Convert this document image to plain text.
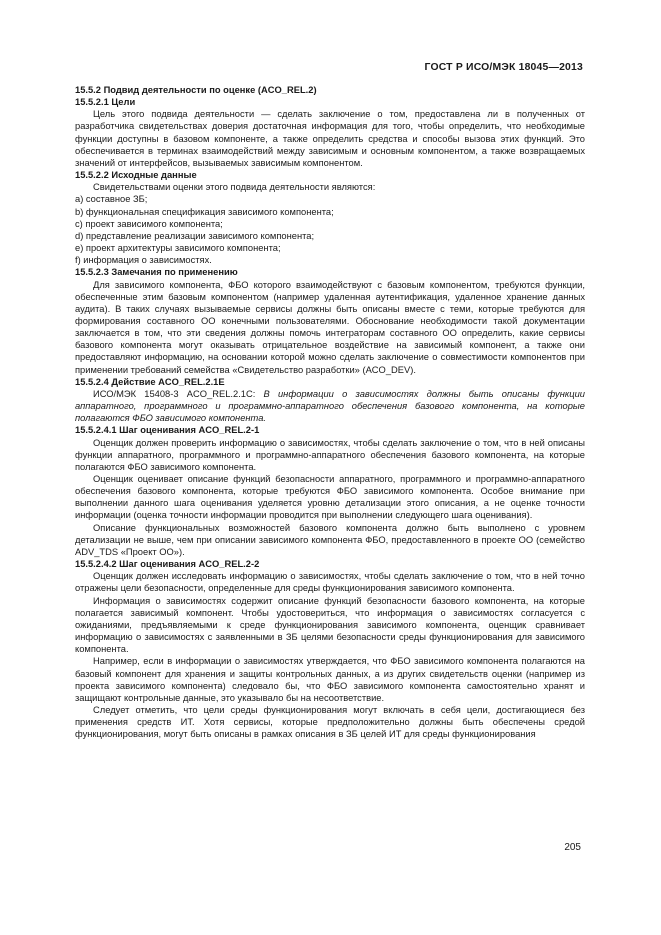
ГОСТ Р ИСО/МЭК 18045—2013

15.5.2 Подвид деятельности по оценке (ACO_REL.2)

15.5.2.1 Цели

Цель этого подвида деятельности — сделать заключение о том, предоставлена ли в полученных от разработчика свидетельствах доверия достаточная информация для того, чтобы определить, что необходимые функции доступны в базовом компоненте, а также определить средства и способы вызова этих функций. Это обеспечивается в терминах взаимодействий между зависимым и основным компонентом, а также возвращаемых значений от интерфейсов, вызываемых зависимым компонентом.

15.5.2.2 Исходные данные

Свидетельствами оценки этого подвида деятельности являются:

a) составное ЗБ;

b) функциональная спецификация зависимого компонента;

c) проект зависимого компонента;

d) представление реализации зависимого компонента;

e) проект архитектуры зависимого компонента;

f) информация о зависимостях.

15.5.2.3 Замечания по применению

Для зависимого компонента, ФБО которого взаимодействуют с базовым компонентом, требуются функции, обеспеченные этим базовым компонентом (например удаленная аутентификация, удаленное хранение данных аудита). В таких случаях вызываемые сервисы должны быть описаны вместе с теми, которые требуются для формирования составного ОО конечными пользователями. Обоснование необходимости такой документации заключается в том, что эти сведения должны помочь интеграторам составного ОО определить, какие сервисы базового компонента могут оказывать отрицательное воздействие на зависимый компонент, а также они предоставляют информацию, на основании которой можно сделать заключение о совместимости компонентов при применении требований семейства «Свидетельство разработки» (ACO_DEV).

15.5.2.4 Действие ACO_REL.2.1E

ИСО/МЭК 15408-3 ACO_REL.2.1C: В информации о зависимостях должны быть описаны функции аппаратного, программного и программно-аппаратного обеспечения базового компонента, на которые полагаются ФБО зависимого компонента.

15.5.2.4.1 Шаг оценивания ACO_REL.2-1

Оценщик должен проверить информацию о зависимостях, чтобы сделать заключение о том, что в ней описаны функции аппаратного, программного и программно-аппаратного обеспечения базового компонента, на которые полагаются ФБО зависимого компонента.

Оценщик оценивает описание функций безопасности аппаратного, программного и программно-аппаратного обеспечения базового компонента, которые требуются ФБО зависимого компонента. Особое внимание при выполнении данного шага оценивания уделяется уровню детализации этого описания, а не оценке точности информации (оценка точности информации проводится при выполнении следующего шага оценивания).

Описание функциональных возможностей базового компонента должно быть выполнено с уровнем детализации не выше, чем при описании зависимого компонента ФБО, предоставленного в проекте ОО (семейство ADV_TDS «Проект ОО»).

15.5.2.4.2 Шаг оценивания ACO_REL.2-2

Оценщик должен исследовать информацию о зависимостях, чтобы сделать заключение о том, что в ней точно отражены цели безопасности, определенные для среды функционирования зависимого компонента.

Информация о зависимостях содержит описание функций безопасности базового компонента, на которые полагается зависимый компонент. Чтобы удостовериться, что информация о зависимостях согласуется с ожиданиями, предъявляемыми к среде функционирования зависимого компонента, оценщик сравнивает информацию о зависимостях с заявленными в ЗБ целями безопасности среды функционирования для зависимого компонента.

Например, если в информации о зависимостях утверждается, что ФБО зависимого компонента полагаются на базовый компонент для хранения и защиты контрольных данных, а из других свидетельств оценки (например из проекта зависимого компонента) следовало бы, что ФБО зависимого компонента самостоятельно хранят и защищают контрольные данные, это указывало бы на несоответствие.

Следует отметить, что цели среды функционирования могут включать в себя цели, достигающиеся без применения средств ИТ. Хотя сервисы, которые предположительно должны быть обеспечены средой функционирования, могут быть описаны в рамках описания в ЗБ целей ИТ для среды функционирования

205
